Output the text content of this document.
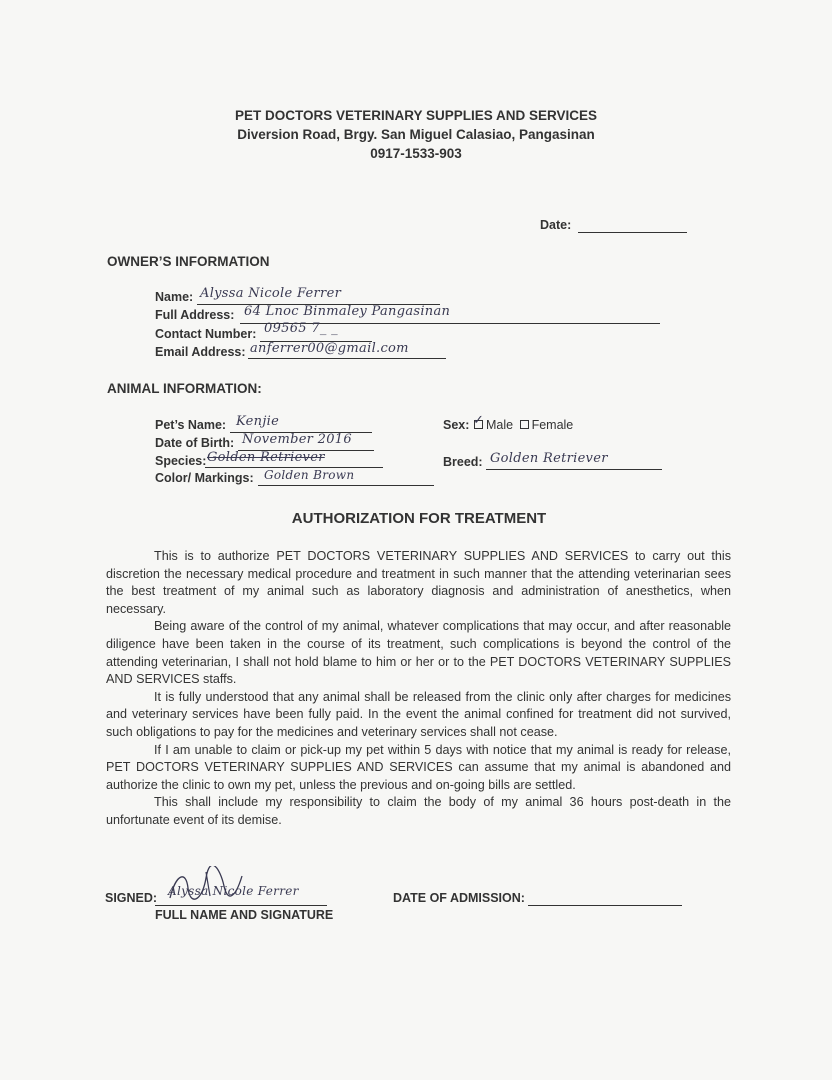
PET DOCTORS VETERINARY SUPPLIES AND SERVICES
Diversion Road, Brgy. San Miguel Calasiao, Pangasinan
0917-1533-903
Date:
OWNER’S INFORMATION
Name: Alyssa Nicole Ferrer
Full Address: 64 Lnoc Binmaley Pangasinan
Contact Number: 09565 7_ _
Email Address: anferrer00@gmail.com
ANIMAL INFORMATION:
Pet’s Name: Kenjie
Date of Birth: November 2016
Species: Golden Retriever
Color/ Markings: Golden Brown
Sex: ✓ Male Female
Breed: Golden Retriever
AUTHORIZATION FOR TREATMENT

This is to authorize PET DOCTORS VETERINARY SUPPLIES AND SERVICES to carry out this discretion the necessary medical procedure and treatment in such manner that the attending veterinarian sees the best treatment of my animal such as laboratory diagnosis and administration of anesthetics, when necessary.

Being aware of the control of my animal, whatever complications that may occur, and after reasonable diligence have been taken in the course of its treatment, such complications is beyond the control of the attending veterinarian, I shall not hold blame to him or her or to the PET DOCTORS VETERINARY SUPPLIES AND SERVICES staffs.

It is fully understood that any animal shall be released from the clinic only after charges for medicines and veterinary services have been fully paid. In the event the animal confined for treatment did not survived, such obligations to pay for the medicines and veterinary services shall not cease.

If I am unable to claim or pick-up my pet within 5 days with notice that my animal is ready for release, PET DOCTORS VETERINARY SUPPLIES AND SERVICES can assume that my animal is abandoned and authorize the clinic to own my pet, unless the previous and on-going bills are settled.

This shall include my responsibility to claim the body of my animal 36 hours post-death in the unfortunate event of its demise.

SIGNED: Alyssa Nicole Ferrer
FULL NAME AND SIGNATURE
DATE OF ADMISSION:
